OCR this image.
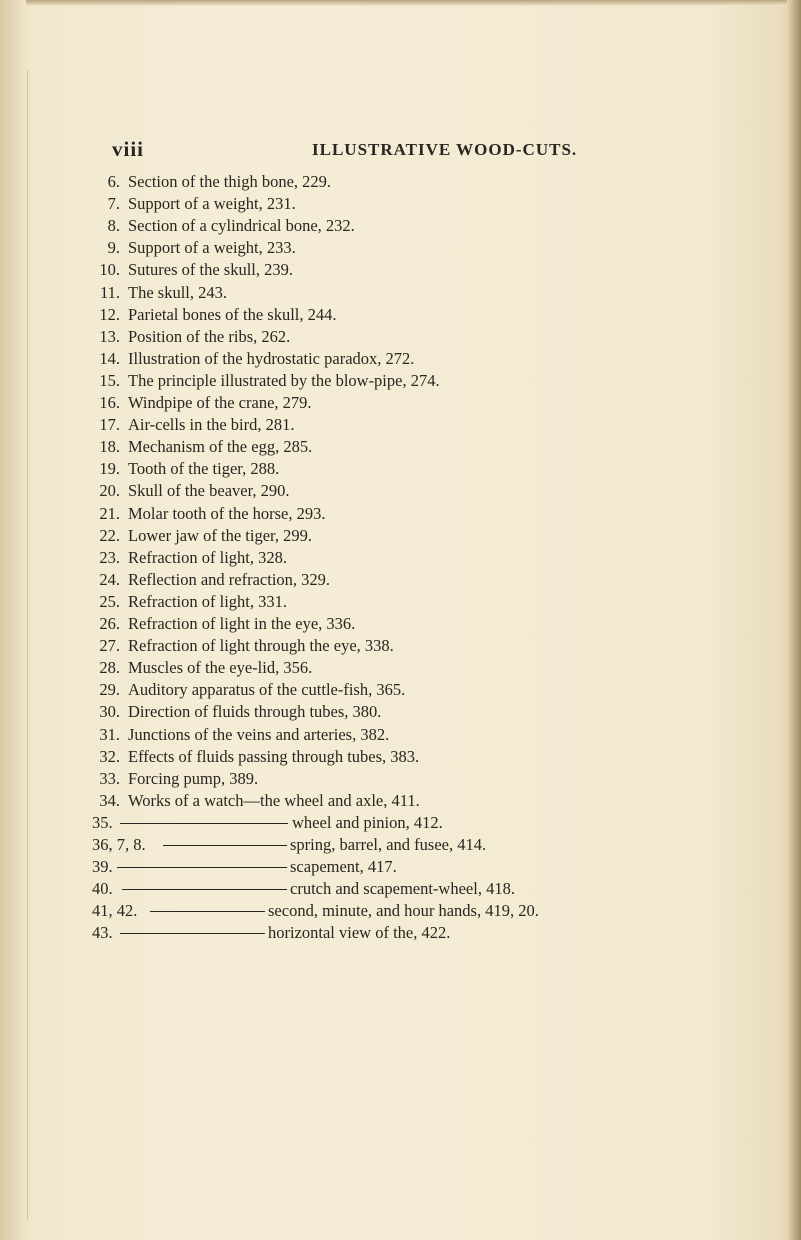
viii	ILLUSTRATIVE WOOD-CUTS.
6. Section of the thigh bone, 229.
7. Support of a weight, 231.
8. Section of a cylindrical bone, 232.
9. Support of a weight, 233.
10. Sutures of the skull, 239.
11. The skull, 243.
12. Parietal bones of the skull, 244.
13. Position of the ribs, 262.
14. Illustration of the hydrostatic paradox, 272.
15. The principle illustrated by the blow-pipe, 274.
16. Windpipe of the crane, 279.
17. Air-cells in the bird, 281.
18. Mechanism of the egg, 285.
19. Tooth of the tiger, 288.
20. Skull of the beaver, 290.
21. Molar tooth of the horse, 293.
22. Lower jaw of the tiger, 299.
23. Refraction of light, 328.
24. Reflection and refraction, 329.
25. Refraction of light, 331.
26. Refraction of light in the eye, 336.
27. Refraction of light through the eye, 338.
28. Muscles of the eye-lid, 356.
29. Auditory apparatus of the cuttle-fish, 365.
30. Direction of fluids through tubes, 380.
31. Junctions of the veins and arteries, 382.
32. Effects of fluids passing through tubes, 383.
33. Forcing pump, 389.
34. Works of a watch—the wheel and axle, 411.
35.	wheel and pinion, 412.
36, 7, 8.	spring, barrel, and fusee, 414.
39.	scapement, 417.
40.	crutch and scapement-wheel, 418.
41, 42.	second, minute, and hour hands, 419, 20.
43.	horizontal view of the, 422.
